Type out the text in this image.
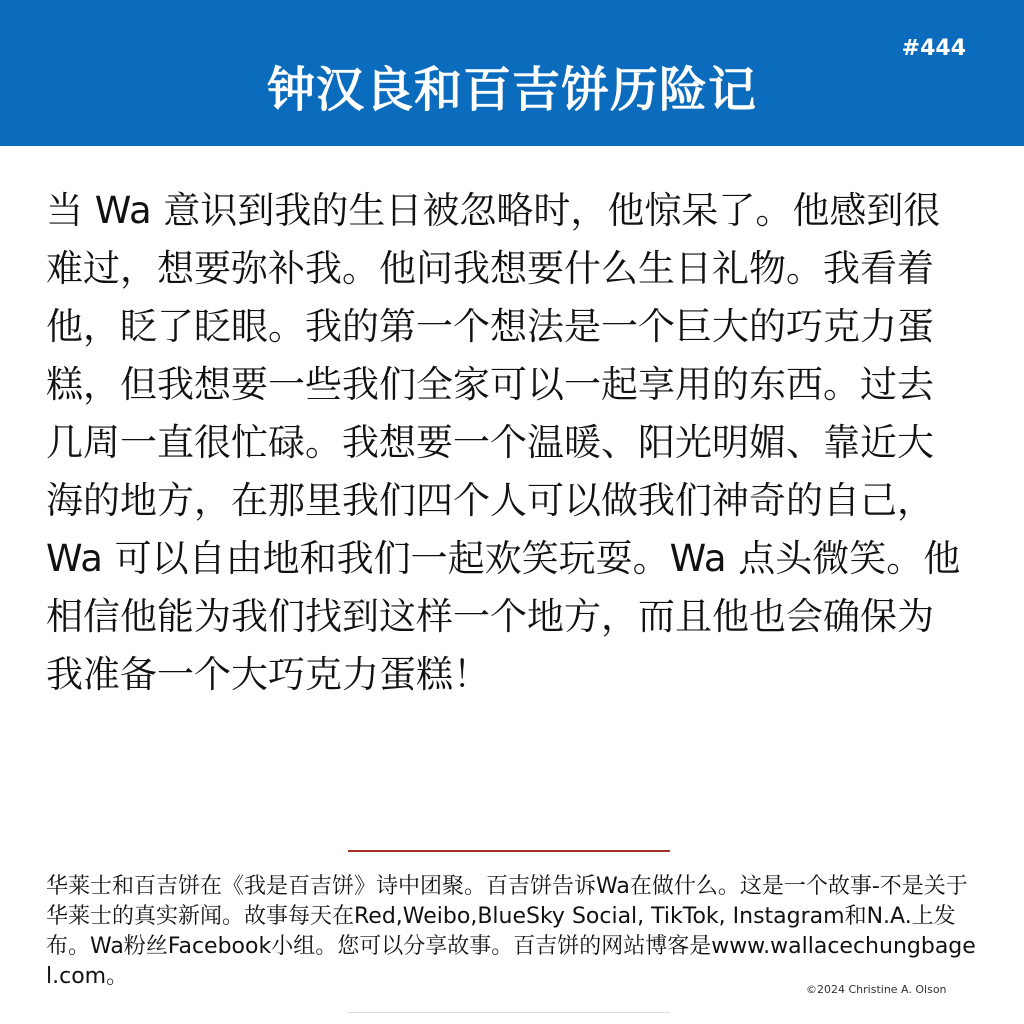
钟汉良和百吉饼历险记
#444

当 Wa 意识到我的生日被忽略时，他惊呆了。他感到很难过，想要弥补我。他问我想要什么生日礼物。我看着他，眨了眨眼。我的第一个想法是一个巨大的巧克力蛋糕，但我想要一些我们全家可以一起享用的东西。过去几周一直很忙碌。我想要一个温暖、阳光明媚、靠近大海的地方，在那里我们四个人可以做我们神奇的自己，Wa 可以自由地和我们一起欢笑玩耍。Wa 点头微笑。他相信他能为我们找到这样一个地方，而且他也会确保为我准备一个大巧克力蛋糕！

华莱士和百吉饼在《我是百吉饼》诗中团聚。百吉饼告诉Wa在做什么。这是一个故事-不是关于华莱士的真实新闻。故事每天在Red,Weibo,BlueSky Social, TikTok, Instagram和N.A.上发布。Wa粉丝Facebook小组。您可以分享故事。百吉饼的网站博客是www.wallacechungbagel.com。

©2024 Christine A. Olson
